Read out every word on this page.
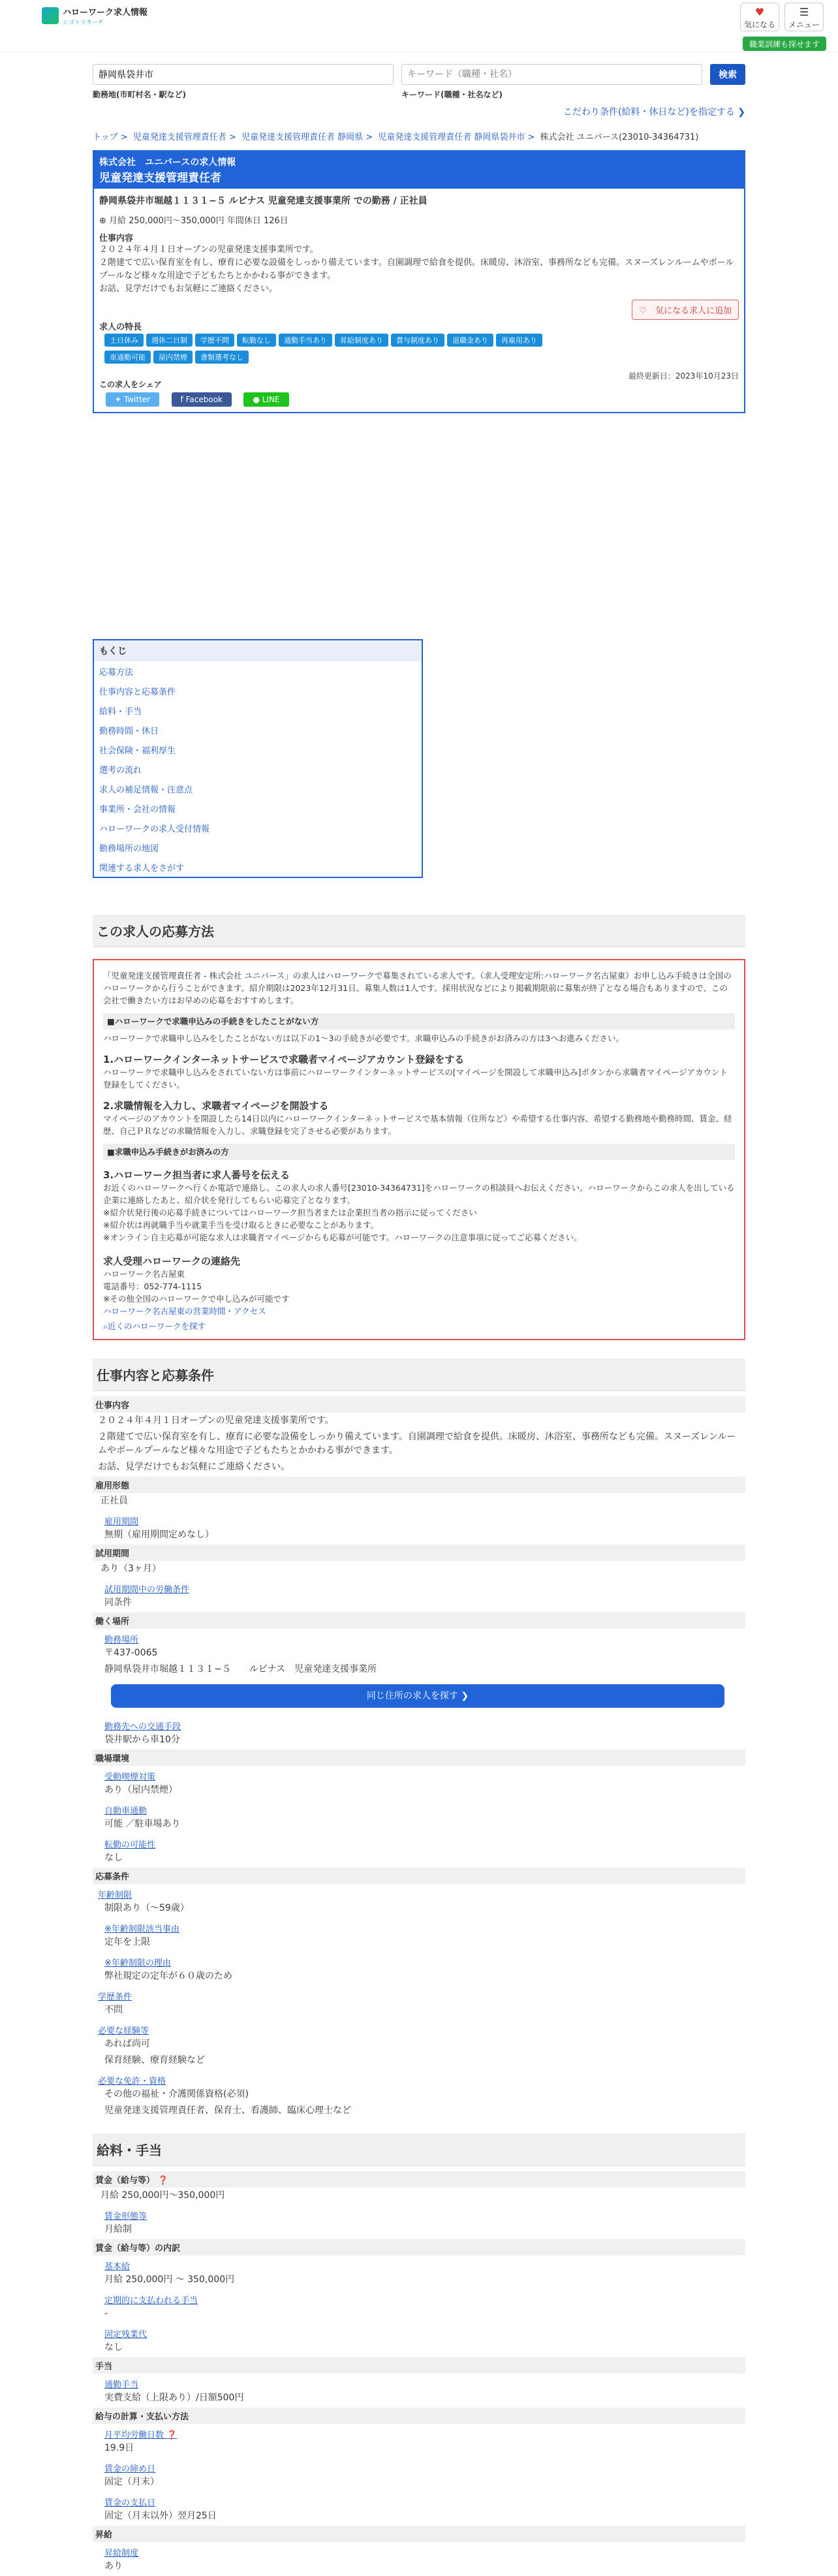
ハローワーク求人情報
シゴトリサーチ
♥
気になる
☰
メニュー
職業訓練も探せます
静岡県袋井市
勤務地(市町村名・駅など)
キーワード（職種・社名）	キーワード(職種・社名など)
検索
こだわり条件(給料・休日など)を指定する ❯
トップ > 児童発達支援管理責任者 > 児童発達支援管理責任者 静岡県 > 児童発達支援管理責任者 静岡県袋井市 > 株式会社 ユニバース(23010-34364731)
株式会社　ユニバースの求人情報
児童発達支援管理責任者
静岡県袋井市堀越１１３１−５ ルピナス 児童発達支援事業所 での勤務 / 正社員
⊕ 月給 250,000円〜350,000円 年間休日 126日
仕事内容

２０２４年４月１日オープンの児童発達支援事業所です。

２階建てで広い保育室を有し、療育に必要な設備をしっかり備えています。自園調理で給食を提供。床暖房、沐浴室、事務所なども完備。スヌーズレンルームやボールプールなど様々な用途で子どもたちとかかわる事ができます。

お話、見学だけでもお気軽にご連絡ください。

♡　気になる求人に追加
求人の特長
土日休み 週休二日制 学歴不問 転勤なし 通勤手当あり 昇給制度あり 賞与制度あり 退職金あり 再雇用あり
車通勤可能 屋内禁煙 書類選考なし
最終更新日：2023年10月23日
この求人をシェア
✦ Twitter	f Facebook	● LINE
もくじ
応募方法
仕事内容と応募条件
給料・手当
勤務時間・休日
社会保険・福利厚生
選考の流れ
求人の補足情報・注意点
事業所・会社の情報
ハローワークの求人受付情報
勤務場所の地図
関連する求人をさがす
この求人の応募方法
「児童発達支援管理責任者 - 株式会社 ユニバース」の求人はハローワークで募集されている求人です。（求人受理安定所:ハローワーク名古屋東）お申し込み手続きは全国のハローワークから行うことができます。紹介期限は2023年12月31日、募集人数は1人です。採用状況などにより掲載期限前に募集が終了となる場合もありますので、この会社で働きたい方はお早めの応募をおすすめします。
■ハローワークで求職申込みの手続きをしたことがない方
ハローワークで求職申し込みをしたことがない方は以下の1〜3の手続きが必要です。求職申込みの手続きがお済みの方は3へお進みください。
1.ハローワークインターネットサービスで求職者マイページアカウント登録をする
ハローワークで求職申し込みをされていない方は事前にハローワークインターネットサービスの[マイページを開設して求職申込み]ボタンから求職者マイページアカウント登録をしてください。
2.求職情報を入力し、求職者マイページを開設する
マイページのアカウントを開設したら14日以内にハローワークインターネットサービスで基本情報（住所など）や希望する仕事内容、希望する勤務地や勤務時間、賃金、経歴、自己ＰＲなどの求職情報を入力し、求職登録を完了させる必要があります。
■求職申込み手続きがお済みの方
3.ハローワーク担当者に求人番号を伝える
お近くのハローワークへ行くか電話で連絡し、この求人の求人番号[23010-34364731]をハローワークの相談員へお伝えください。ハローワークからこの求人を出している企業に連絡したあと、紹介状を発行してもらい応募完了となります。
※紹介状発行後の応募手続きについてはハローワーク担当者または企業担当者の指示に従ってください
※紹介状は再就職手当や就業手当を受け取るときに必要なことがあります。
※オンライン自主応募が可能な求人は求職者マイページからも応募が可能です。ハローワークの注意事項に従ってご応募ください。
求人受理ハローワークの連絡先
ハローワーク名古屋東
電話番号：052-774-1115
※その他全国のハローワークで申し込みが可能です
ハローワーク名古屋東の営業時間・アクセス
⌕近くのハローワークを探す
仕事内容と応募条件
仕事内容
２０２４年４月１日オープンの児童発達支援事業所です。
２階建てで広い保育室を有し、療育に必要な設備をしっかり備えています。自園調理で給食を提供。床暖房、沐浴室、事務所なども完備。スヌーズレンルームやボールプールなど様々な用途で子どもたちとかかわる事ができます。
お話、見学だけでもお気軽にご連絡ください。
雇用形態
正社員
雇用期間
無期（雇用期間定めなし）
試用期間
あり（3ヶ月）
試用期間中の労働条件
同条件
働く場所
勤務場所
〒437-0065
静岡県袋井市堀越１１３１−５　　ルピナス　児童発達支援事業所
同じ住所の求人を探す ❯
勤務先への交通手段
袋井駅から車10分
職場環境
受動喫煙対策
あり（屋内禁煙）
自動車通勤
可能 ／駐車場あり
転勤の可能性
なし
応募条件
年齢制限
制限あり（〜59歳）
※年齢制限該当事由
定年を上限
※年齢制限の理由
弊社規定の定年が６０歳のため
学歴条件
不問
必要な経験等
あれば尚可
保育経験、療育経験など
必要な免許・資格
その他の福祉・介護関係資格(必須)
児童発達支援管理責任者、保育士、看護師、臨床心理士など
給料・手当
賃金（給与等） ❓
月給 250,000円〜350,000円
賃金形態等
月給制
賃金（給与等）の内訳
基本給
月給 250,000円 〜 350,000円
定期的に支払われる手当
-
固定残業代
なし
手当
通勤手当
実費支給（上限あり）/日額500円
給与の計算・支払い方法
月平均労働日数 ❓
19.9日
賃金の締め日
固定（月末）
賃金の支払日
固定（月末以外）翌月25日
昇給
昇給制度
あり
